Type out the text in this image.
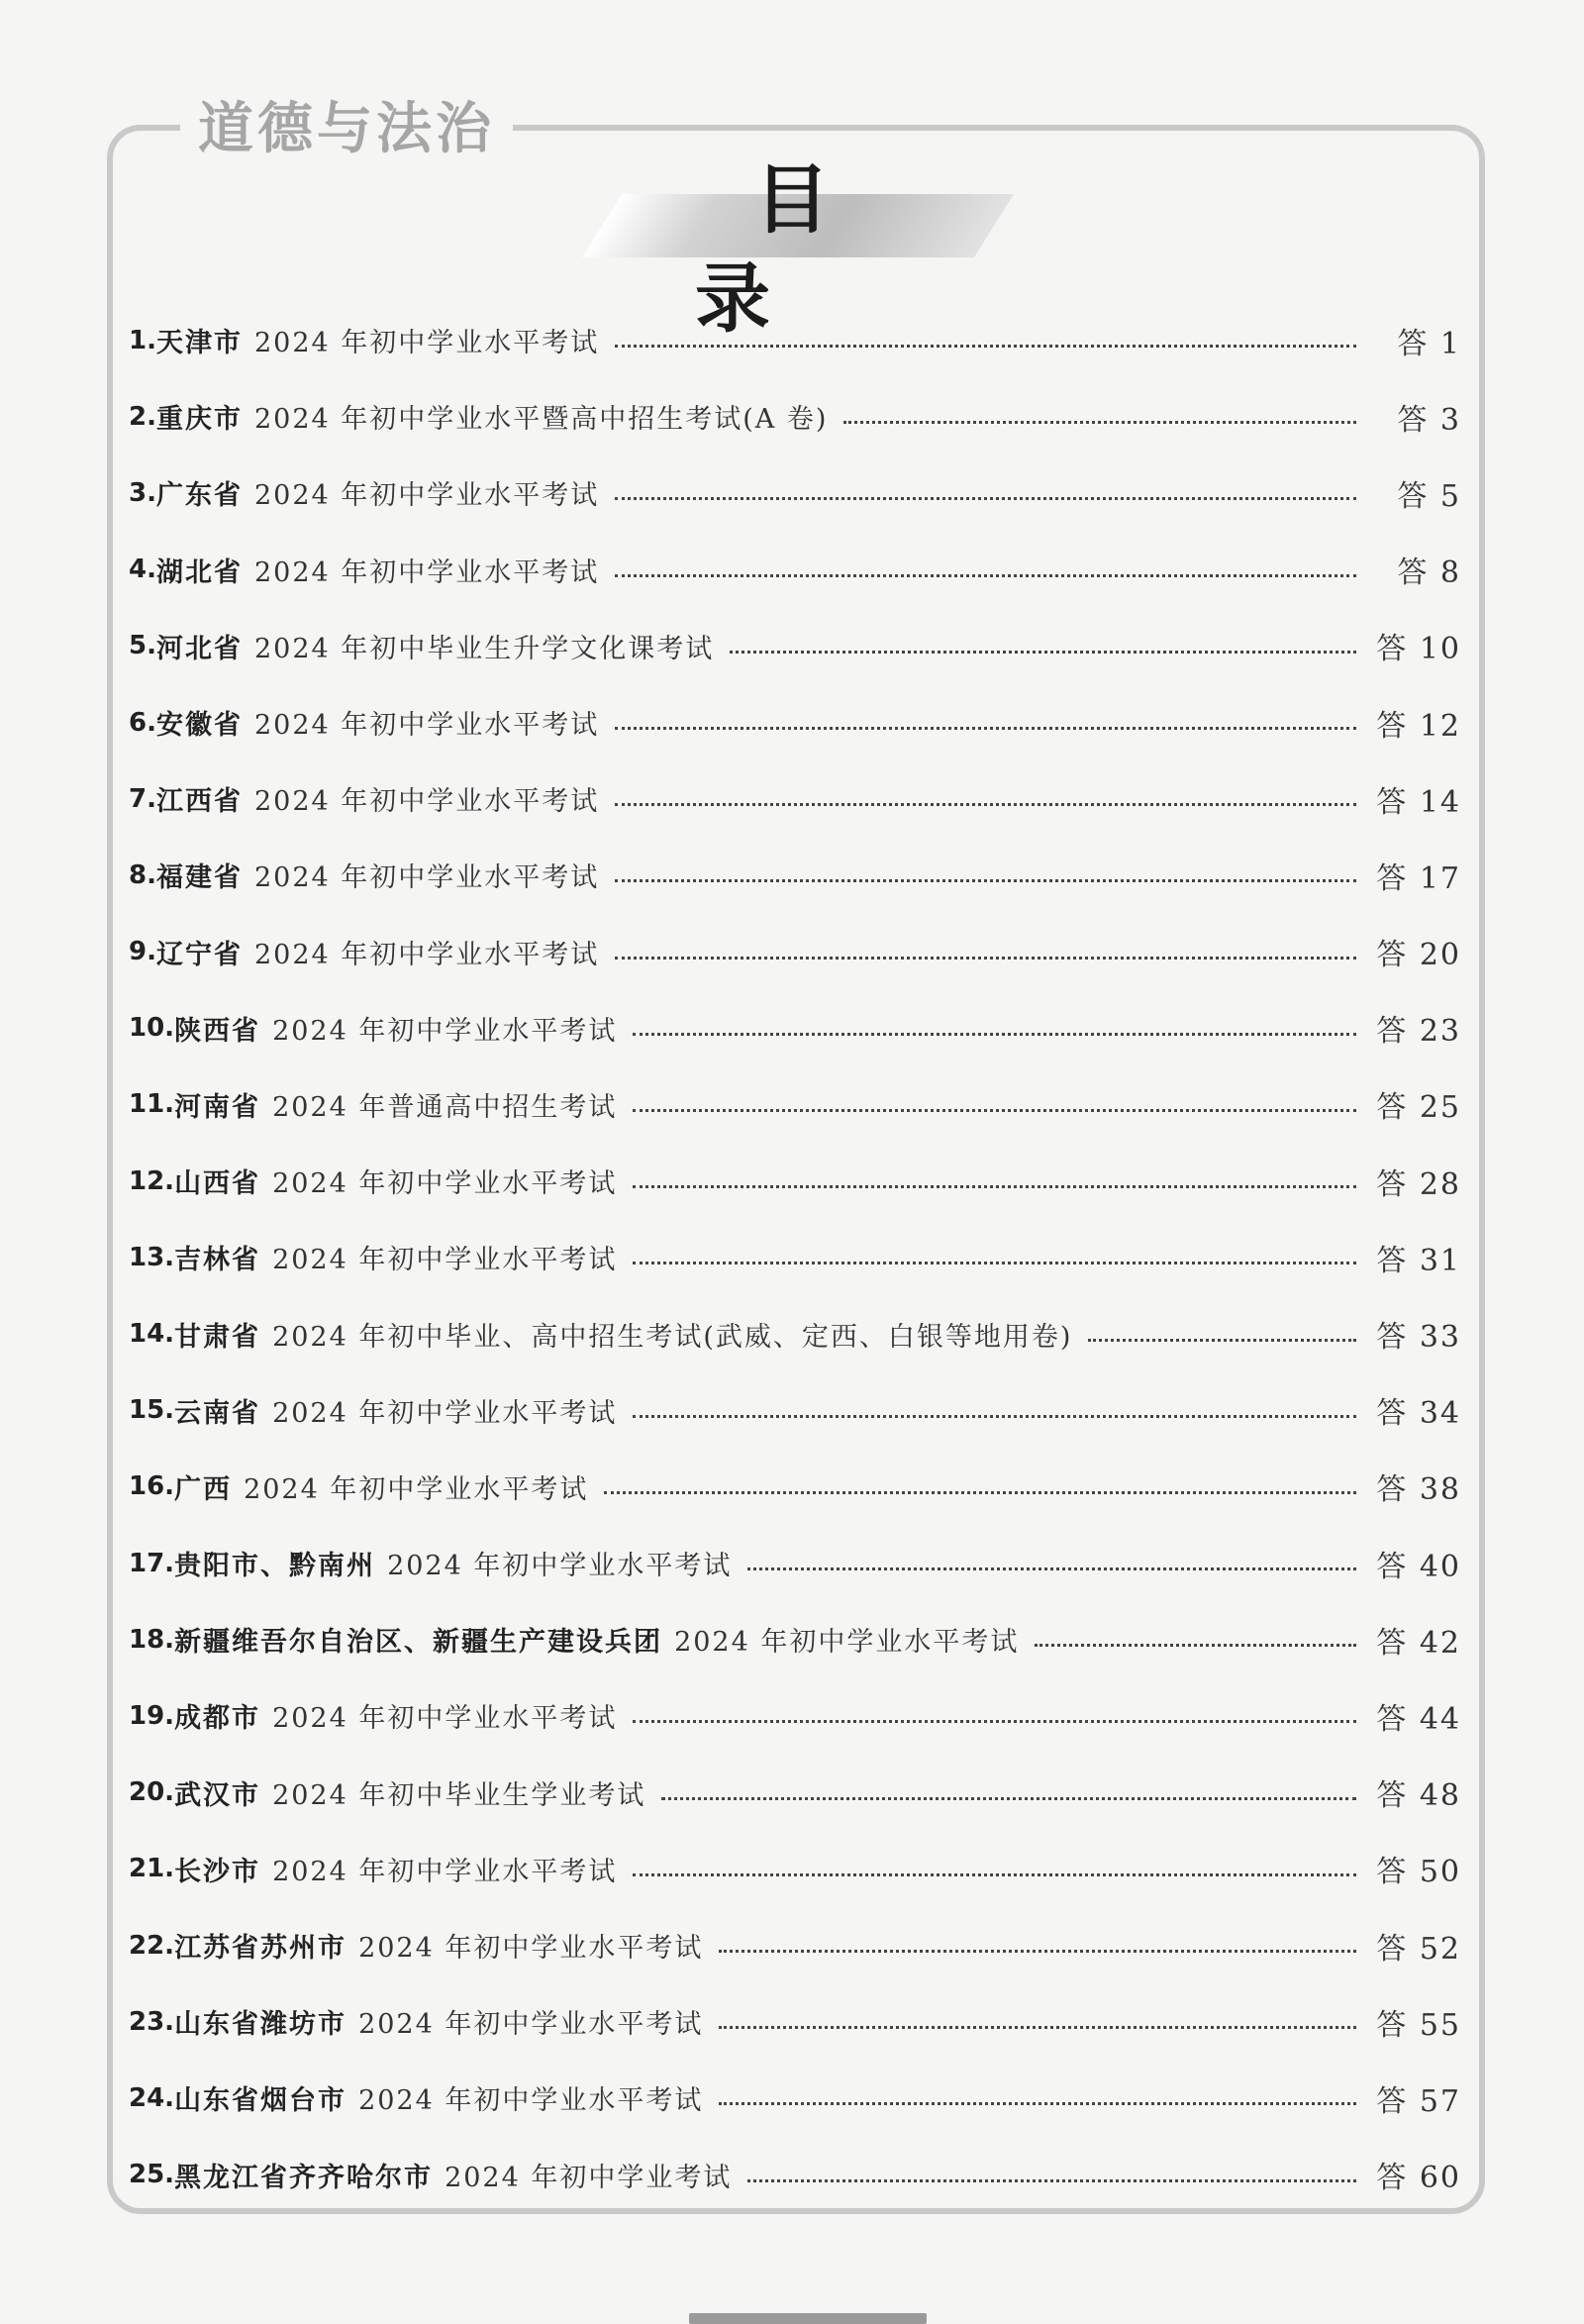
道德与法治
目 录
1. 天津市 2024 年初中学业水平考试	答 1
2. 重庆市 2024 年初中学业水平暨高中招生考试(A 卷)	答 3
3. 广东省 2024 年初中学业水平考试	答 5
4. 湖北省 2024 年初中学业水平考试	答 8
5. 河北省 2024 年初中毕业生升学文化课考试	答 10
6. 安徽省 2024 年初中学业水平考试	答 12
7. 江西省 2024 年初中学业水平考试	答 14
8. 福建省 2024 年初中学业水平考试	答 17
9. 辽宁省 2024 年初中学业水平考试	答 20
10. 陕西省 2024 年初中学业水平考试	答 23
11. 河南省 2024 年普通高中招生考试	答 25
12. 山西省 2024 年初中学业水平考试	答 28
13. 吉林省 2024 年初中学业水平考试	答 31
14. 甘肃省 2024 年初中毕业、高中招生考试(武威、定西、白银等地用卷)	答 33
15. 云南省 2024 年初中学业水平考试	答 34
16. 广西 2024 年初中学业水平考试	答 38
17. 贵阳市、黔南州 2024 年初中学业水平考试	答 40
18. 新疆维吾尔自治区、新疆生产建设兵团 2024 年初中学业水平考试	答 42
19. 成都市 2024 年初中学业水平考试	答 44
20. 武汉市 2024 年初中毕业生学业考试	答 48
21. 长沙市 2024 年初中学业水平考试	答 50
22. 江苏省苏州市 2024 年初中学业水平考试	答 52
23. 山东省潍坊市 2024 年初中学业水平考试	答 55
24. 山东省烟台市 2024 年初中学业水平考试	答 57
25. 黑龙江省齐齐哈尔市 2024 年初中学业考试	答 60
